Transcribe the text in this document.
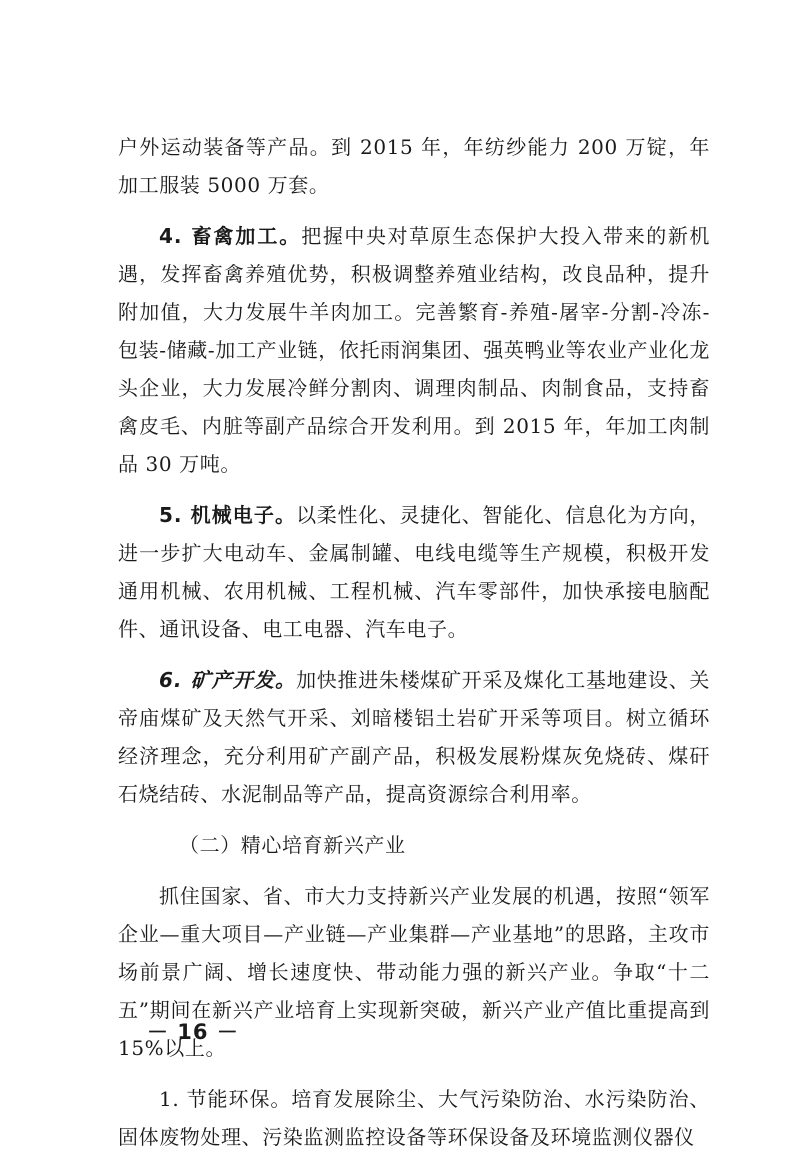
户外运动装备等产品。到 2015 年，年纺纱能力 200 万锭，年加工服装 5000 万套。

4. 畜禽加工。把握中央对草原生态保护大投入带来的新机遇，发挥畜禽养殖优势，积极调整养殖业结构，改良品种，提升附加值，大力发展牛羊肉加工。完善繁育-养殖-屠宰-分割-冷冻-包装-储藏-加工产业链，依托雨润集团、强英鸭业等农业产业化龙头企业，大力发展冷鲜分割肉、调理肉制品、肉制食品，支持畜禽皮毛、内脏等副产品综合开发利用。到 2015 年，年加工肉制品 30 万吨。

5. 机械电子。以柔性化、灵捷化、智能化、信息化为方向，进一步扩大电动车、金属制罐、电线电缆等生产规模，积极开发通用机械、农用机械、工程机械、汽车零部件，加快承接电脑配件、通讯设备、电工电器、汽车电子。

6. 矿产开发。加快推进朱楼煤矿开采及煤化工基地建设、关帝庙煤矿及天然气开采、刘暗楼铝土岩矿开采等项目。树立循环经济理念，充分利用矿产副产品，积极发展粉煤灰免烧砖、煤矸石烧结砖、水泥制品等产品，提高资源综合利用率。

（二）精心培育新兴产业

抓住国家、省、市大力支持新兴产业发展的机遇，按照“领军企业—重大项目—产业链—产业集群—产业基地”的思路，主攻市场前景广阔、增长速度快、带动能力强的新兴产业。争取“十二五”期间在新兴产业培育上实现新突破，新兴产业产值比重提高到 15%以上。

1. 节能环保。培育发展除尘、大气污染防治、水污染防治、固体废物处理、污染监测监控设备等环保设备及环境监测仪器仪

－ 16 －
